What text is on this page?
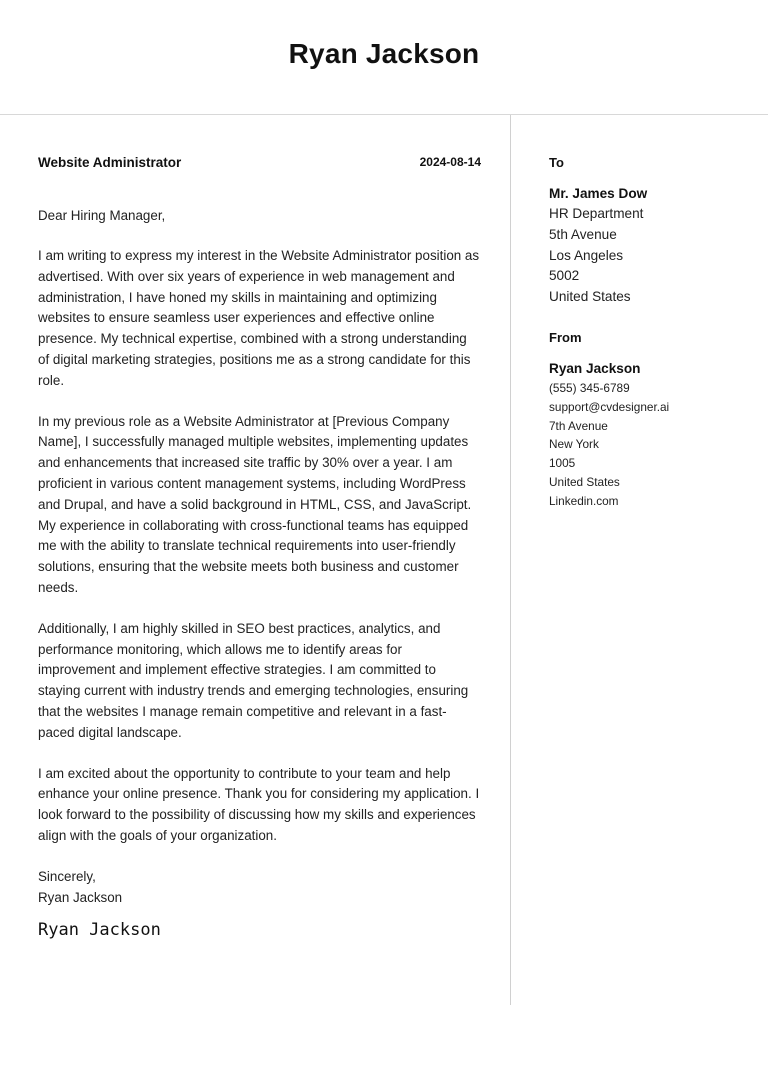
Ryan Jackson
Website Administrator	2024-08-14
Dear Hiring Manager,

I am writing to express my interest in the Website Administrator position as advertised. With over six years of experience in web management and administration, I have honed my skills in maintaining and optimizing websites to ensure seamless user experiences and effective online presence. My technical expertise, combined with a strong understanding of digital marketing strategies, positions me as a strong candidate for this role.

In my previous role as a Website Administrator at [Previous Company Name], I successfully managed multiple websites, implementing updates and enhancements that increased site traffic by 30% over a year. I am proficient in various content management systems, including WordPress and Drupal, and have a solid background in HTML, CSS, and JavaScript. My experience in collaborating with cross-functional teams has equipped me with the ability to translate technical requirements into user-friendly solutions, ensuring that the website meets both business and customer needs.

Additionally, I am highly skilled in SEO best practices, analytics, and performance monitoring, which allows me to identify areas for improvement and implement effective strategies. I am committed to staying current with industry trends and emerging technologies, ensuring that the websites I manage remain competitive and relevant in a fast-paced digital landscape.

I am excited about the opportunity to contribute to your team and help enhance your online presence. Thank you for considering my application. I look forward to the possibility of discussing how my skills and experiences align with the goals of your organization.

Sincerely,
Ryan Jackson
Ryan Jackson
To
Mr. James Dow
HR Department
5th Avenue
Los Angeles
5002
United States
From
Ryan Jackson
(555) 345-6789
support@cvdesigner.ai
7th Avenue
New York
1005
United States
Linkedin.com
